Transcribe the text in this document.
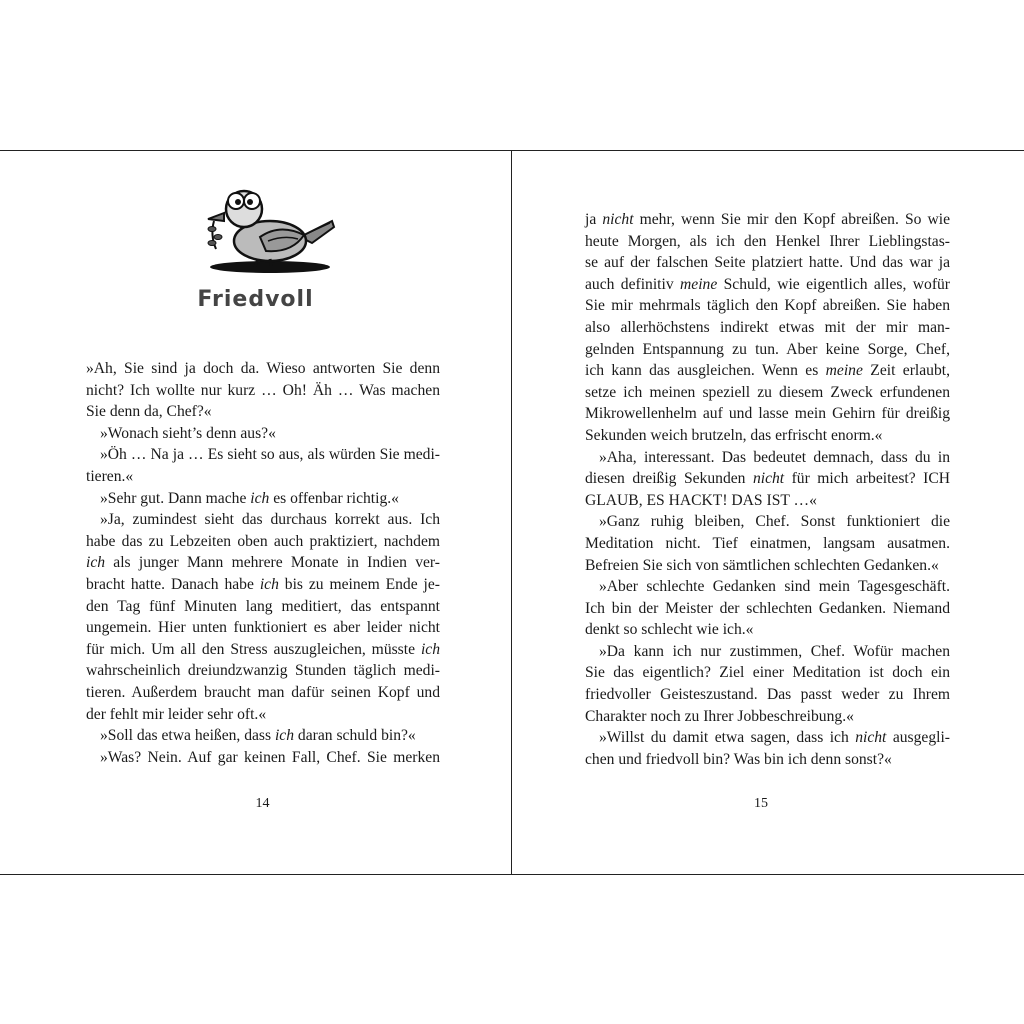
Friedvoll
»Ah, Sie sind ja doch da. Wieso antworten Sie denn
nicht? Ich wollte nur kurz … Oh! Äh … Was machen
Sie denn da, Chef?«
»Wonach sieht’s denn aus?«
»Öh … Na ja … Es sieht so aus, als würden Sie medi-
tieren.«
»Sehr gut. Dann mache ich es offenbar richtig.«
»Ja, zumindest sieht das durchaus korrekt aus. Ich
habe das zu Lebzeiten oben auch praktiziert, nachdem
ich als junger Mann mehrere Monate in Indien ver-
bracht hatte. Danach habe ich bis zu meinem Ende je-
den Tag fünf Minuten lang meditiert, das entspannt
ungemein. Hier unten funktioniert es aber leider nicht
für mich. Um all den Stress auszugleichen, müsste ich
wahrscheinlich dreiundzwanzig Stunden täglich medi-
tieren. Außerdem braucht man dafür seinen Kopf und
der fehlt mir leider sehr oft.«
»Soll das etwa heißen, dass ich daran schuld bin?«
»Was? Nein. Auf gar keinen Fall, Chef. Sie merken
14
ja nicht mehr, wenn Sie mir den Kopf abreißen. So wie
heute Morgen, als ich den Henkel Ihrer Lieblingstas-
se auf der falschen Seite platziert hatte. Und das war ja
auch definitiv meine Schuld, wie eigentlich alles, wofür
Sie mir mehrmals täglich den Kopf abreißen. Sie haben
also allerhöchstens indirekt etwas mit der mir man-
gelnden Entspannung zu tun. Aber keine Sorge, Chef,
ich kann das ausgleichen. Wenn es meine Zeit erlaubt,
setze ich meinen speziell zu diesem Zweck erfundenen
Mikrowellenhelm auf und lasse mein Gehirn für dreißig
Sekunden weich brutzeln, das erfrischt enorm.«
»Aha, interessant. Das bedeutet demnach, dass du in
diesen dreißig Sekunden nicht für mich arbeitest? ICH
GLAUB, ES HACKT! DAS IST …«
»Ganz ruhig bleiben, Chef. Sonst funktioniert die
Meditation nicht. Tief einatmen, langsam ausatmen.
Befreien Sie sich von sämtlichen schlechten Gedanken.«
»Aber schlechte Gedanken sind mein Tagesgeschäft.
Ich bin der Meister der schlechten Gedanken. Niemand
denkt so schlecht wie ich.«
»Da kann ich nur zustimmen, Chef. Wofür machen
Sie das eigentlich? Ziel einer Meditation ist doch ein
friedvoller Geisteszustand. Das passt weder zu Ihrem
Charakter noch zu Ihrer Jobbeschreibung.«
»Willst du damit etwa sagen, dass ich nicht ausgegli-
chen und friedvoll bin? Was bin ich denn sonst?«
15
